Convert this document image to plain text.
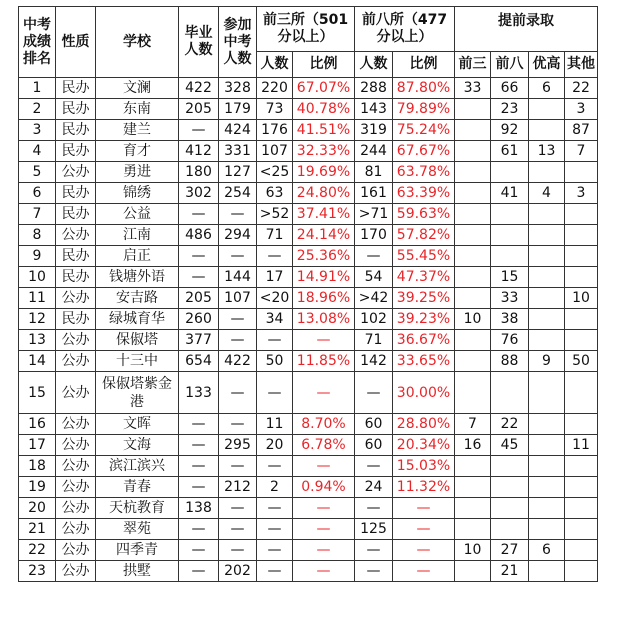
中考成绩排名	性质	学校	毕业人数	参加中考人数	前三所（501分以上）		前八所（477分以上）		提前录取			
					人数	比例	人数	比例	前三	前八	优高	其他
1	民办	文澜	422	328	220	67.07%	288	87.80%	33	66	6	22
2	民办	东南	205	179	73	40.78%	143	79.89%		23		3
3	民办	建兰	—	424	176	41.51%	319	75.24%		92		87
4	民办	育才	412	331	107	32.33%	244	67.67%		61	13	7
5	公办	勇进	180	127	<25	19.69%	81	63.78%				
6	民办	锦绣	302	254	63	24.80%	161	63.39%		41	4	3
7	民办	公益	—	—	>52	37.41%	>71	59.63%				
8	公办	江南	486	294	71	24.14%	170	57.82%				
9	民办	启正	—	—	—	25.36%	—	55.45%				
10	民办	钱塘外语	—	144	17	14.91%	54	47.37%		15		
11	公办	安吉路	205	107	<20	18.96%	>42	39.25%		33		10
12	民办	绿城育华	260	—	34	13.08%	102	39.23%	10	38		
13	公办	保俶塔	377	—	—	—	71	36.67%		76		
14	公办	十三中	654	422	50	11.85%	142	33.65%		88	9	50
15	公办	保俶塔紫金港	133	—	—	—	—	30.00%				
16	公办	文晖	—	—	11	8.70%	60	28.80%	7	22		
17	公办	文海	—	295	20	6.78%	60	20.34%	16	45		11
18	公办	滨江滨兴	—	—	—	—	—	15.03%				
19	公办	青春	—	212	2	0.94%	24	11.32%				
20	公办	天杭教育	138	—	—	—	—	—				
21	公办	翠苑	—	—	—	—	125	—				
22	公办	四季青	—	—	—	—	—	—	10	27	6	
23	公办	拱墅	—	202	—	—	—	—		21		
